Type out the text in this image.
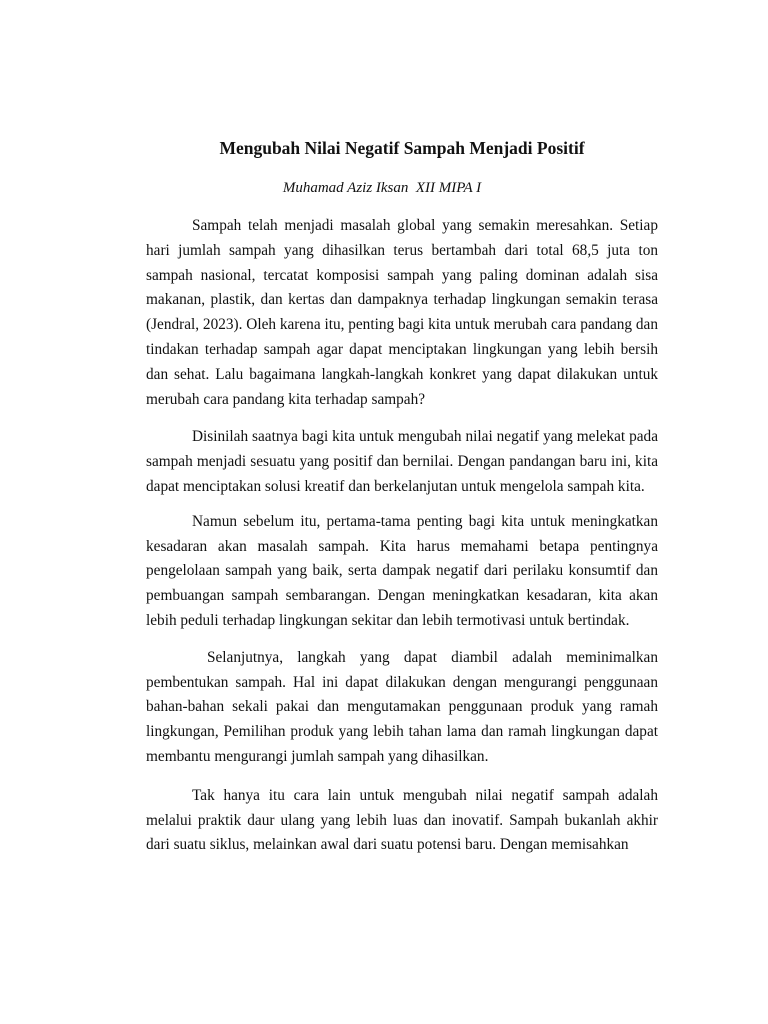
Mengubah Nilai Negatif Sampah Menjadi Positif

Muhamad Aziz Iksan  XII MIPA I

Sampah telah menjadi masalah global yang semakin meresahkan. Setiap hari jumlah sampah yang dihasilkan terus bertambah dari total 68,5 juta ton sampah nasional, tercatat komposisi sampah yang paling dominan adalah sisa makanan, plastik, dan kertas dan dampaknya terhadap lingkungan semakin terasa (Jendral, 2023). Oleh karena itu, penting bagi kita untuk merubah cara pandang dan tindakan terhadap sampah agar dapat menciptakan lingkungan yang lebih bersih dan sehat. Lalu bagaimana langkah-langkah konkret yang dapat dilakukan untuk merubah cara pandang kita terhadap sampah?

Disinilah saatnya bagi kita untuk mengubah nilai negatif yang melekat pada sampah menjadi sesuatu yang positif dan bernilai. Dengan pandangan baru ini, kita dapat menciptakan solusi kreatif dan berkelanjutan untuk mengelola sampah kita.

Namun sebelum itu, pertama-tama penting bagi kita untuk meningkatkan kesadaran akan masalah sampah. Kita harus memahami betapa pentingnya pengelolaan sampah yang baik, serta dampak negatif dari perilaku konsumtif dan pembuangan sampah sembarangan. Dengan meningkatkan kesadaran, kita akan lebih peduli terhadap lingkungan sekitar dan lebih termotivasi untuk bertindak.

Selanjutnya, langkah yang dapat diambil adalah meminimalkan pembentukan sampah. Hal ini dapat dilakukan dengan mengurangi penggunaan bahan-bahan sekali pakai dan mengutamakan penggunaan produk yang ramah lingkungan, Pemilihan produk yang lebih tahan lama dan ramah lingkungan dapat membantu mengurangi jumlah sampah yang dihasilkan.

Tak hanya itu cara lain untuk mengubah nilai negatif sampah adalah melalui praktik daur ulang yang lebih luas dan inovatif. Sampah bukanlah akhir dari suatu siklus, melainkan awal dari suatu potensi baru. Dengan memisahkan
